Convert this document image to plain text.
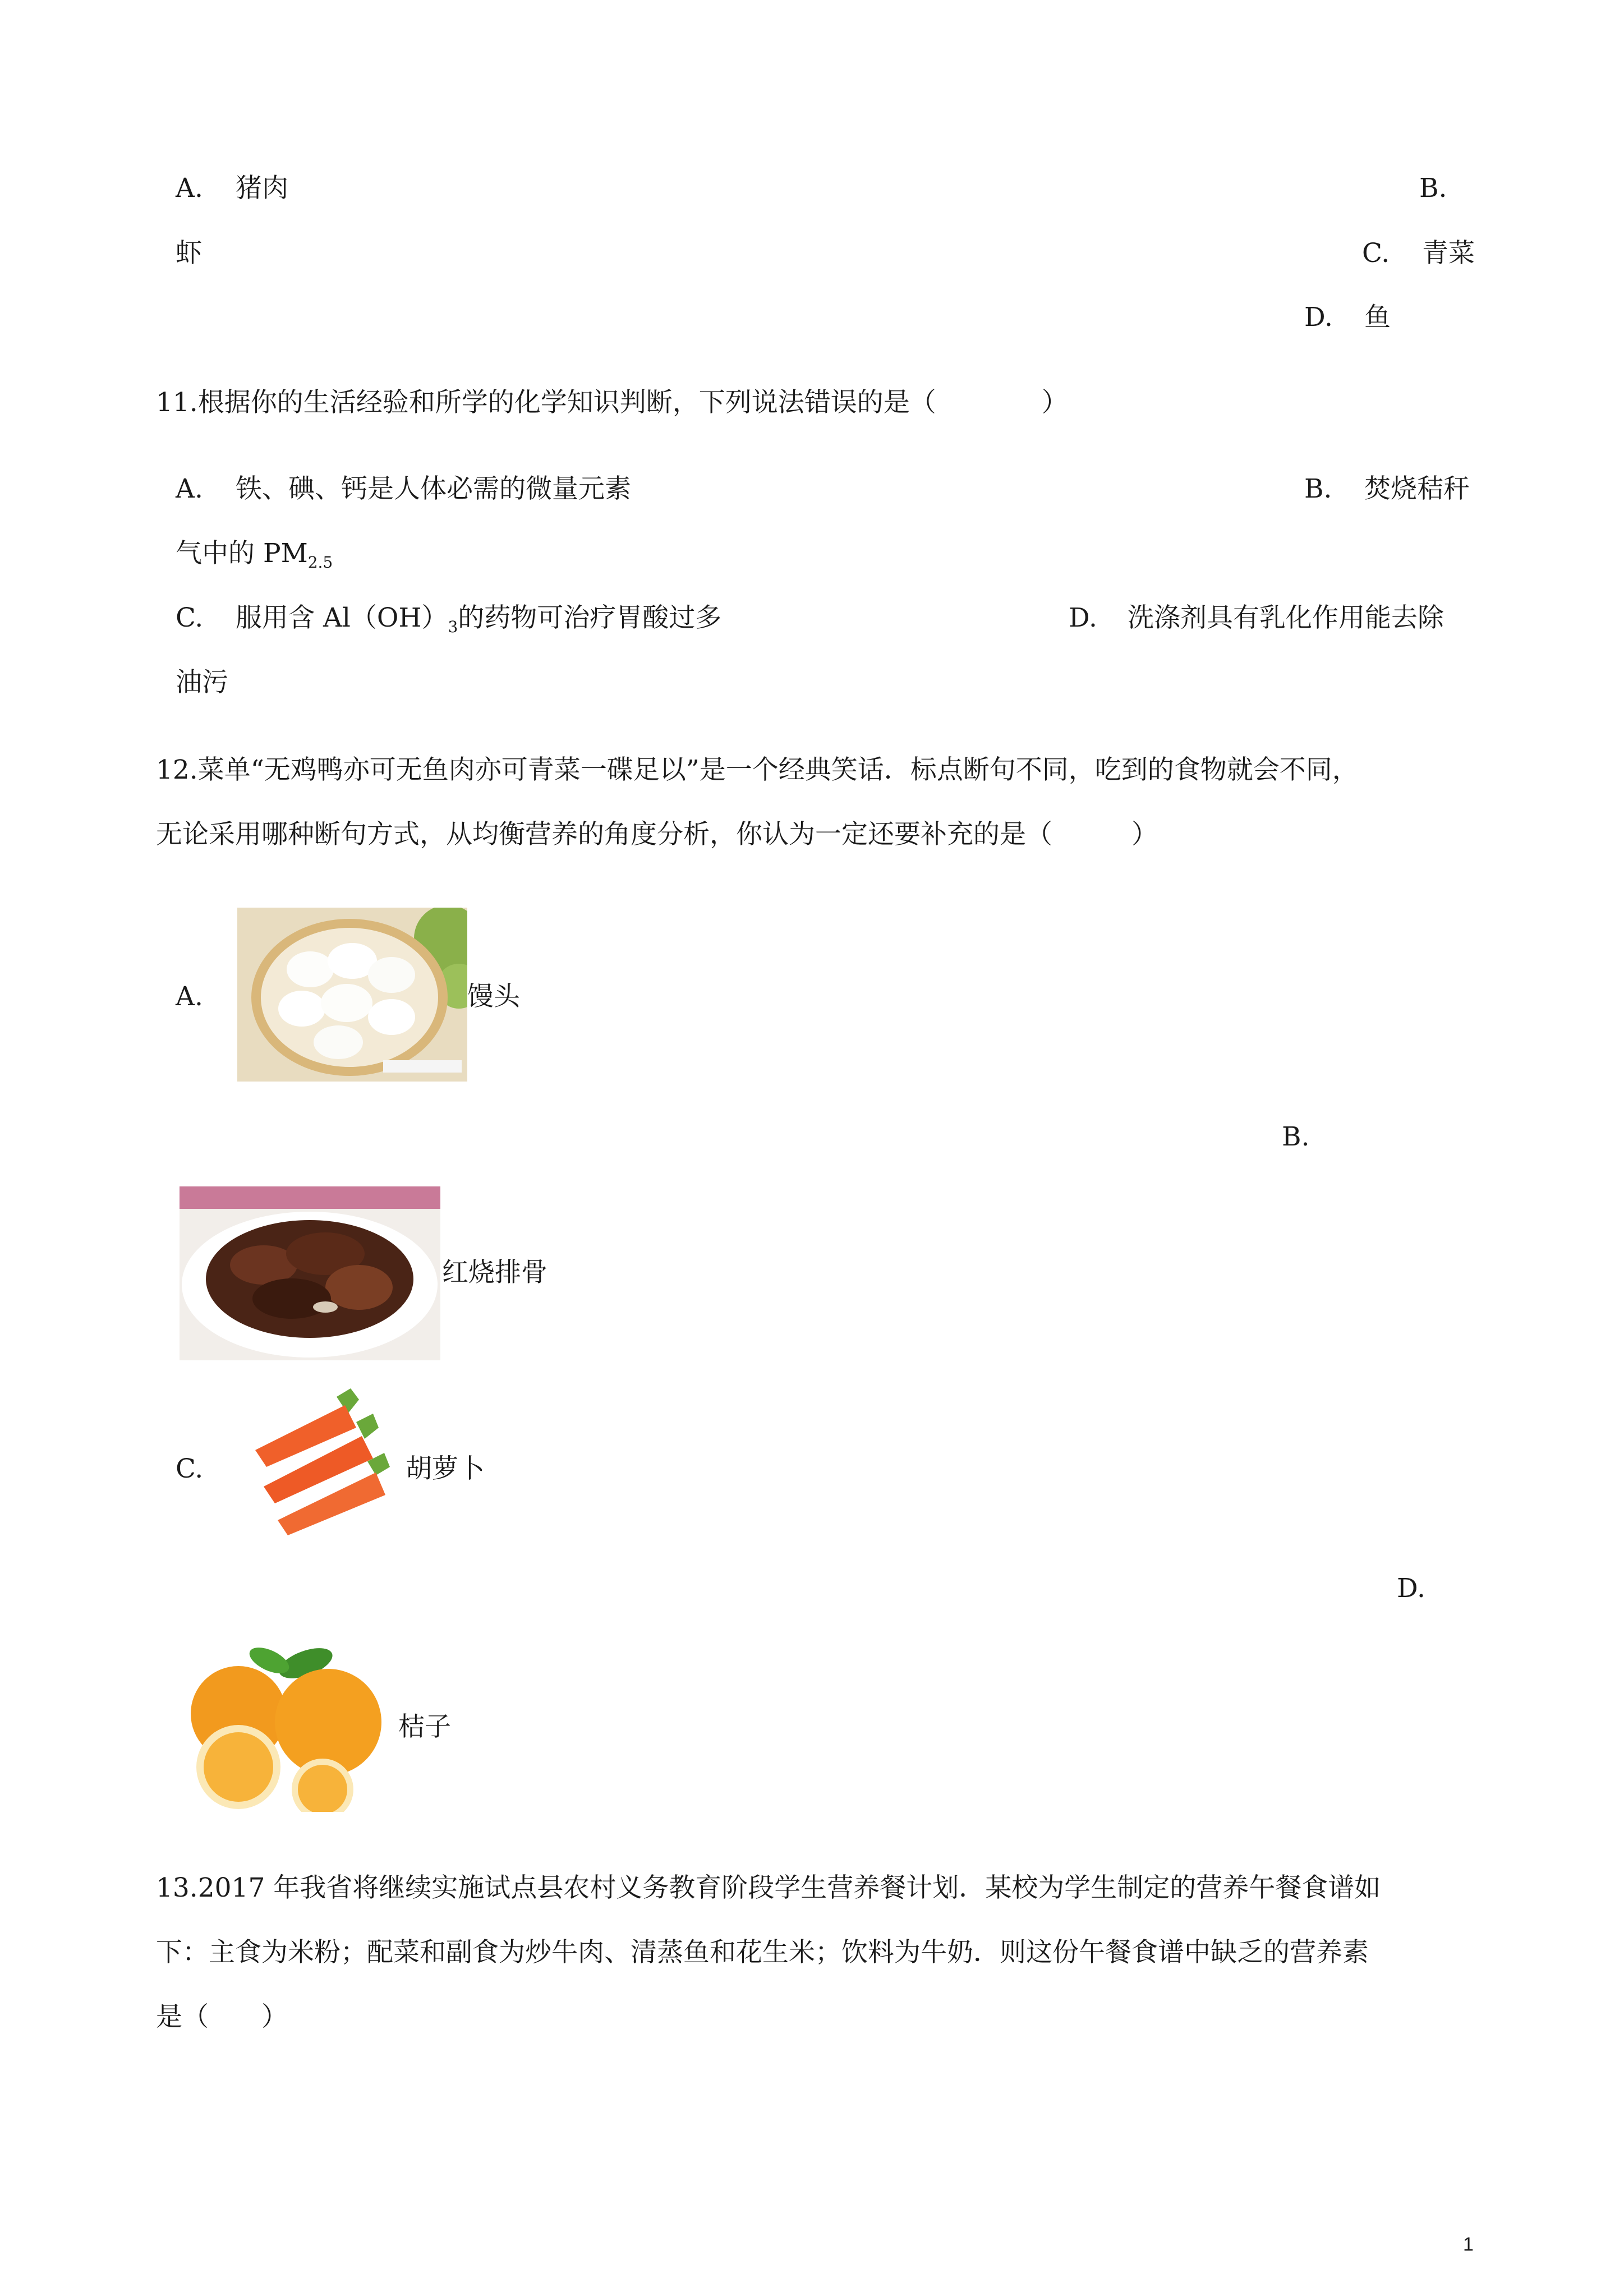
A. 猪肉	B.
虾	C. 青菜
D. 鱼
11.根据你的生活经验和所学的化学知识判断，下列说法错误的是（　　　　）
A. 铁、碘、钙是人体必需的微量元素	B. 焚烧秸秆
气中的 $PM_{2.5}$
C. 服用含 $Al(OH)_3$的药物可治疗胃酸过多	D. 洗涤剂具有乳化作用能去除
油污
12.菜单“无鸡鸭亦可无鱼肉亦可青菜一碟足以”是一个经典笑话．标点断句不同，吃到的食物就会不同，
无论采用哪种断句方式，从均衡营养的角度分析，你认为一定还要补充的是（　　　）
A.	馒头
B.
红烧排骨
C.	胡萝卜
D.
桔子
13.2017 年我省将继续实施试点县农村义务教育阶段学生营养餐计划．某校为学生制定的营养午餐食谱如
下：主食为米粉；配菜和副食为炒牛肉、清蒸鱼和花生米；饮料为牛奶．则这份午餐食谱中缺乏的营养素
是（　　）
1
